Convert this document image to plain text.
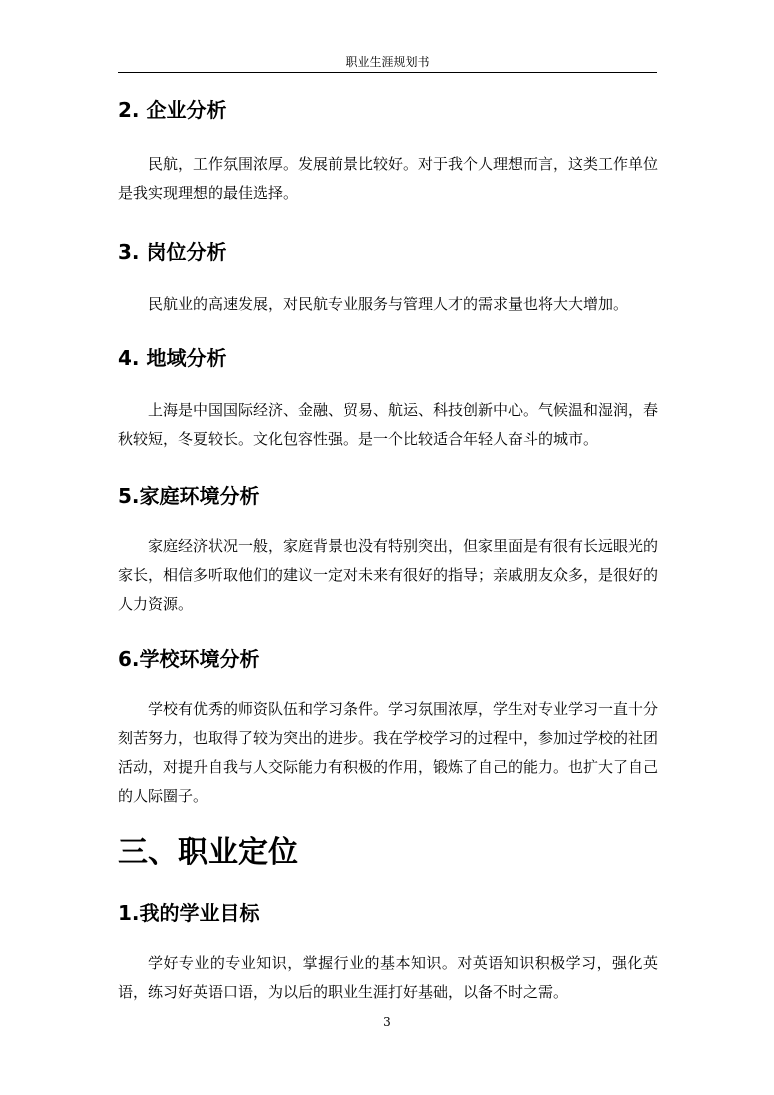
职业生涯规划书
2. 企业分析

民航，工作氛围浓厚。发展前景比较好。对于我个人理想而言，这类工作单位是我实现理想的最佳选择。

3. 岗位分析

民航业的高速发展，对民航专业服务与管理人才的需求量也将大大增加。

4. 地域分析

上海是中国国际经济、金融、贸易、航运、科技创新中心。气候温和湿润，春秋较短，冬夏较长。文化包容性强。是一个比较适合年轻人奋斗的城市。

5.家庭环境分析

家庭经济状况一般，家庭背景也没有特别突出，但家里面是有很有长远眼光的家长，相信多听取他们的建议一定对未来有很好的指导；亲戚朋友众多，是很好的人力资源。

6.学校环境分析

学校有优秀的师资队伍和学习条件。学习氛围浓厚，学生对专业学习一直十分刻苦努力，也取得了较为突出的进步。我在学校学习的过程中，参加过学校的社团活动，对提升自我与人交际能力有积极的作用，锻炼了自己的能力。也扩大了自己的人际圈子。

三、职业定位
1.我的学业目标

学好专业的专业知识，掌握行业的基本知识。对英语知识积极学习，强化英语，练习好英语口语，为以后的职业生涯打好基础，以备不时之需。

3
